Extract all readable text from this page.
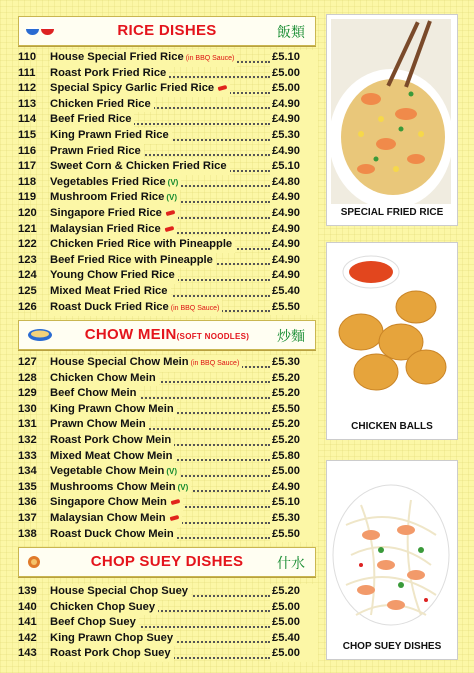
RICE DISHES	飯類
110	House Special Fried Rice (in BBQ Sauce)	£5.10
111	Roast Pork Fried Rice	£5.00
112	Special Spicy Garlic Fried Rice	£5.00
113	Chicken Fried Rice	£4.90
114	Beef Fried Rice	£4.90
115	King Prawn Fried Rice	£5.30
116	Prawn Fried Rice	£4.90
117	Sweet Corn & Chicken Fried Rice	£5.10
118	Vegetables Fried Rice (V)	£4.80
119	Mushroom Fried Rice (V)	£4.90
120	Singapore Fried Rice	£4.90
121	Malaysian Fried Rice	£4.90
122	Chicken Fried Rice with Pineapple	£4.90
123	Beef Fried Rice with Pineapple	£4.90
124	Young Chow Fried Rice	£4.90
125	Mixed Meat Fried Rice	£5.40
126	Roast Duck Fried Rice (in BBQ Sauce)	£5.50
CHOW MEIN(SOFT NOODLES)	炒麵
127	House Special Chow Mein (in BBQ Sauce)	£5.30
128	Chicken Chow Mein	£5.20
129	Beef Chow Mein	£5.20
130	King Prawn Chow Mein	£5.50
131	Prawn Chow Mein	£5.20
132	Roast Pork Chow Mein	£5.20
133	Mixed Meat Chow Mein	£5.80
134	Vegetable Chow Mein (V)	£5.00
135	Mushrooms Chow Mein (V)	£4.90
136	Singapore Chow Mein	£5.10
137	Malaysian Chow Mein	£5.30
138	Roast Duck Chow Mein	£5.50
CHOP SUEY DISHES	什水
139	House Special Chop Suey	£5.20
140	Chicken Chop Suey	£5.00
141	Beef Chop Suey	£5.00
142	King Prawn Chop Suey	£5.40
143	Roast Pork Chop Suey	£5.00
SPECIAL FRIED RICE
CHICKEN BALLS
CHOP SUEY DISHES
